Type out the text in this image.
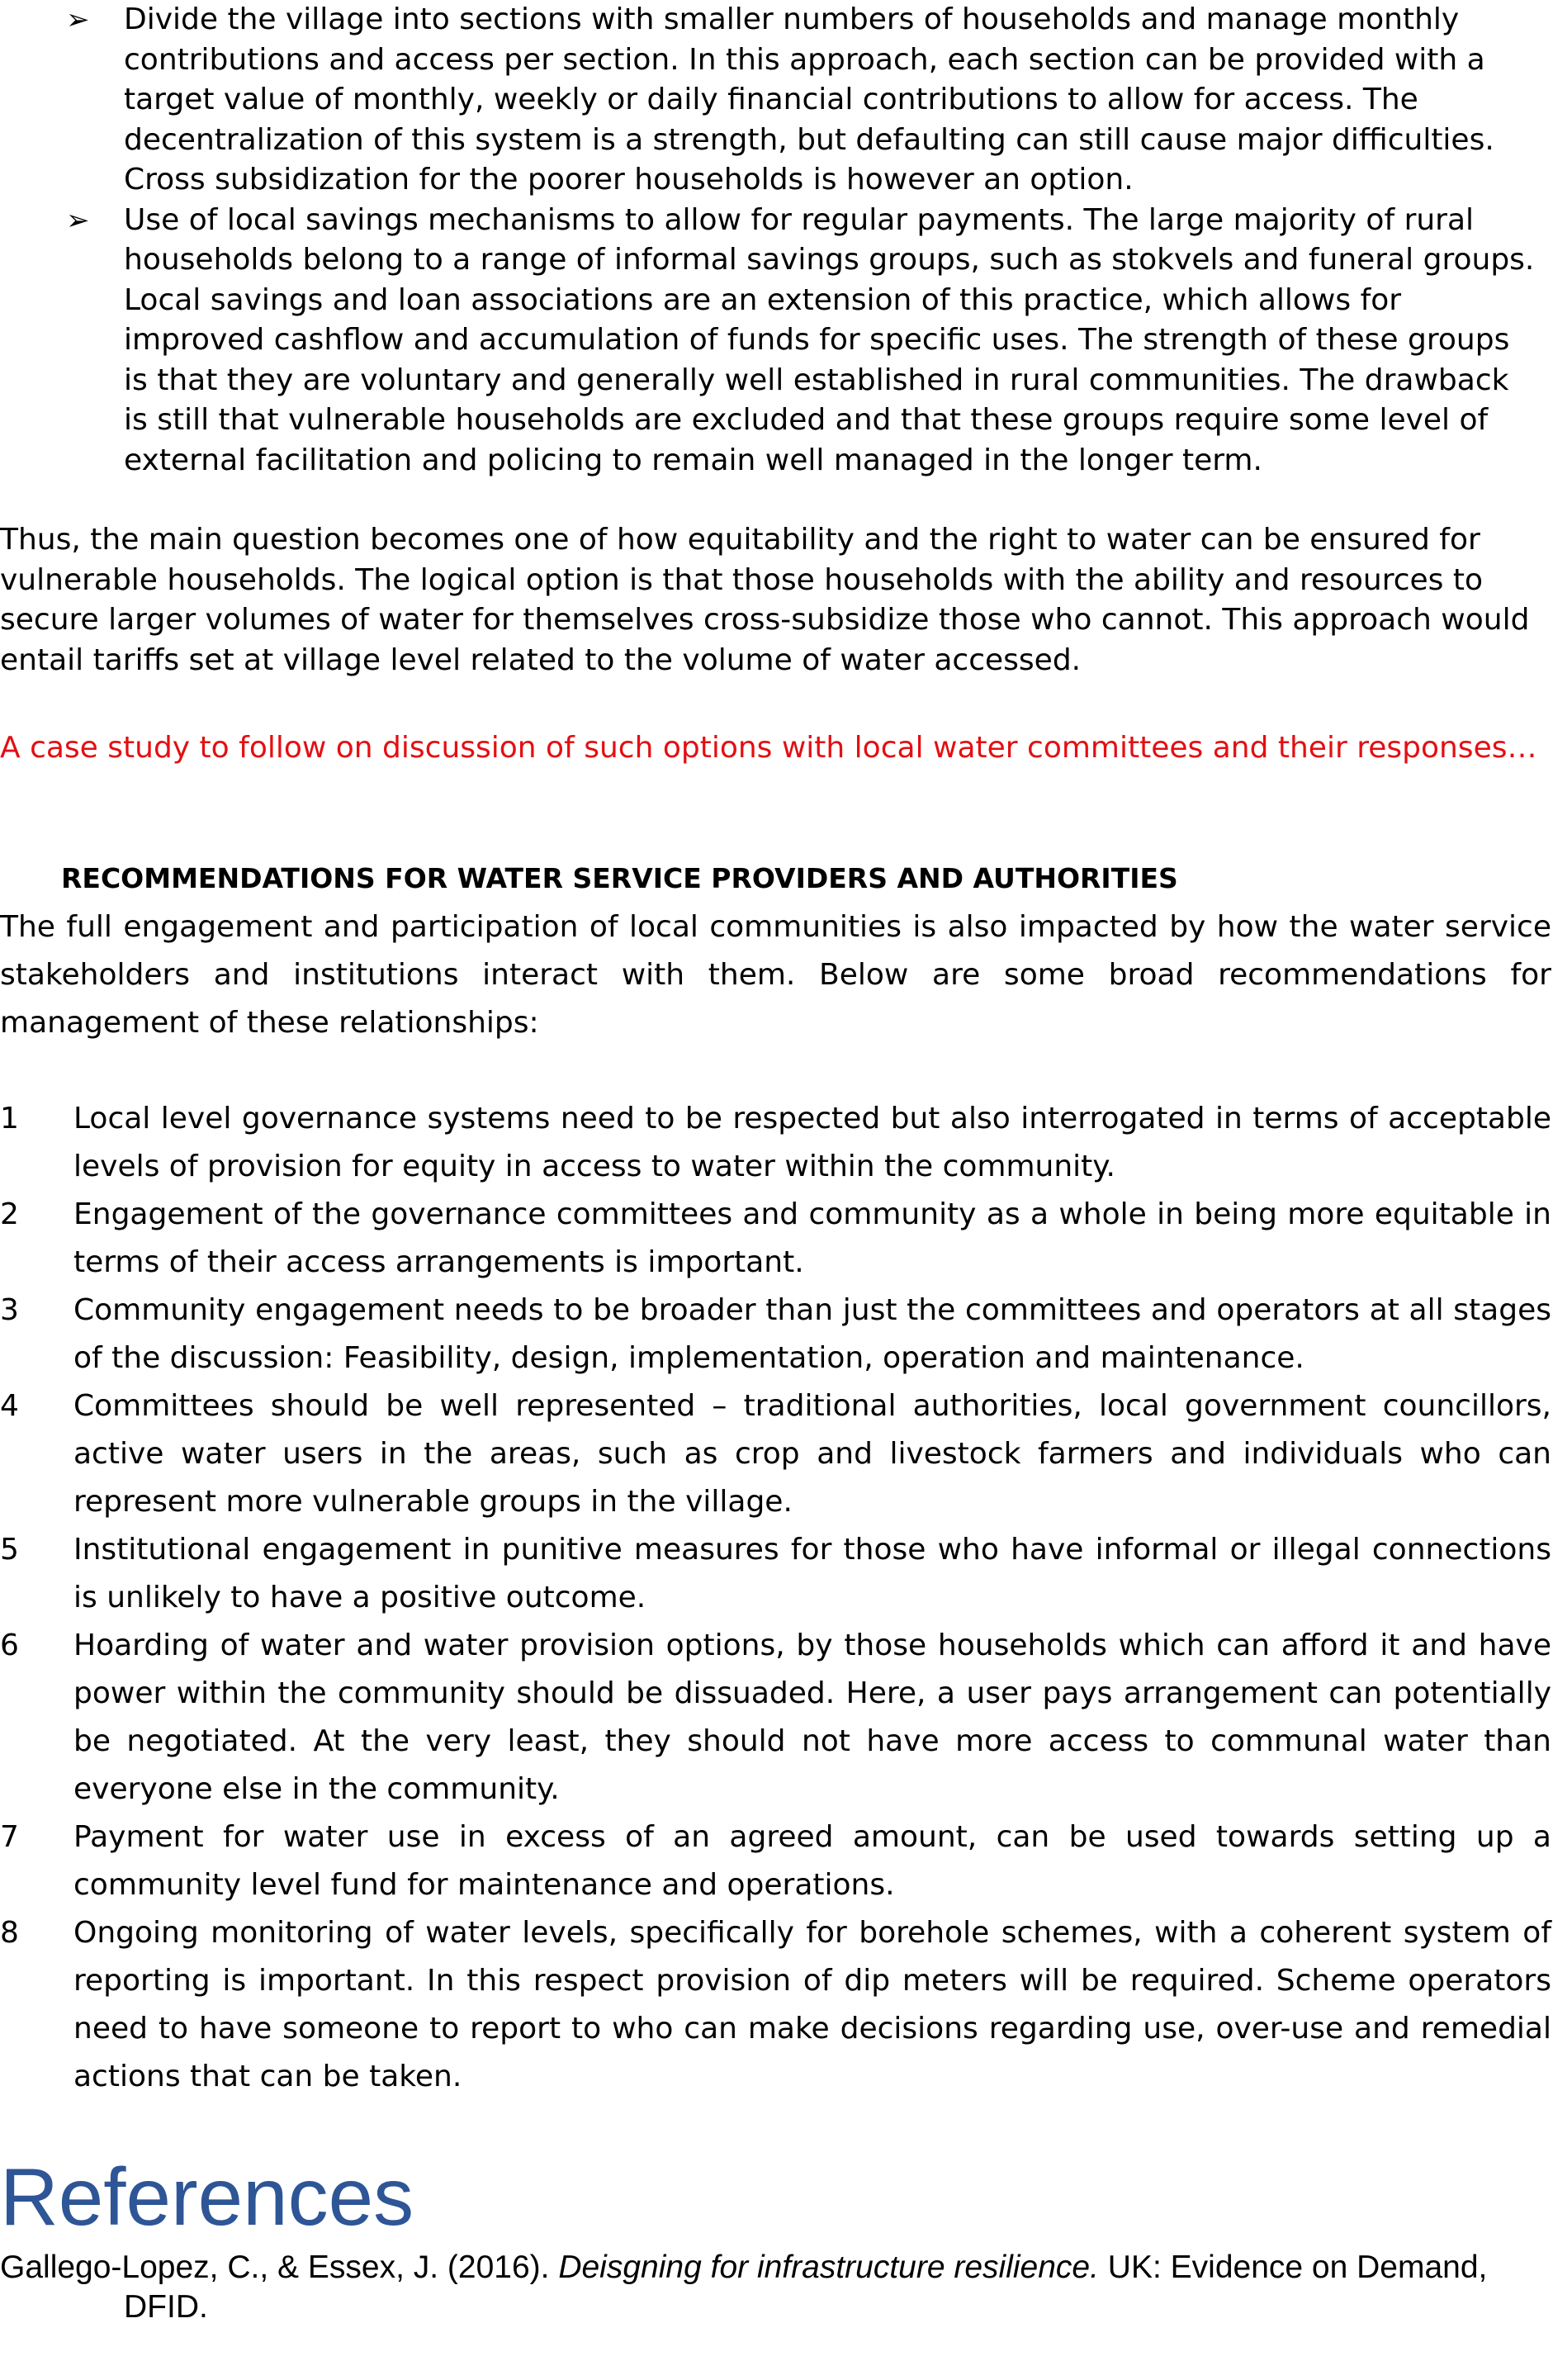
➢ Divide the village into sections with smaller numbers of households and manage monthly contributions and access per section. In this approach, each section can be provided with a target value of monthly, weekly or daily financial contributions to allow for access. The decentralization of this system is a strength, but defaulting can still cause major difficulties. Cross subsidization for the poorer households is however an option.
➢ Use of local savings mechanisms to allow for regular payments. The large majority of rural households belong to a range of informal savings groups, such as stokvels and funeral groups. Local savings and loan associations are an extension of this practice, which allows for improved cashflow and accumulation of funds for specific uses. The strength of these groups is that they are voluntary and generally well established in rural communities. The drawback is still that vulnerable households are excluded and that these groups require some level of external facilitation and policing to remain well managed in the longer term.
Thus, the main question becomes one of how equitability and the right to water can be ensured for vulnerable households. The logical option is that those households with the ability and resources to secure larger volumes of water for themselves cross-subsidize those who cannot. This approach would entail tariffs set at village level related to the volume of water accessed.
A case study to follow on discussion of such options with local water committees and their responses…
RECOMMENDATIONS FOR WATER SERVICE PROVIDERS AND AUTHORITIES
The full engagement and participation of local communities is also impacted by how the water service stakeholders and institutions interact with them. Below are some broad recommendations for management of these relationships:
1 Local level governance systems need to be respected but also interrogated in terms of acceptable levels of provision for equity in access to water within the community.
2 Engagement of the governance committees and community as a whole in being more equitable in terms of their access arrangements is important.
3 Community engagement needs to be broader than just the committees and operators at all stages of the discussion: Feasibility, design, implementation, operation and maintenance.
4 Committees should be well represented – traditional authorities, local government councillors, active water users in the areas, such as crop and livestock farmers and individuals who can represent more vulnerable groups in the village.
5 Institutional engagement in punitive measures for those who have informal or illegal connections is unlikely to have a positive outcome.
6 Hoarding of water and water provision options, by those households which can afford it and have power within the community should be dissuaded. Here, a user pays arrangement can potentially be negotiated. At the very least, they should not have more access to communal water than everyone else in the community.
7 Payment for water use in excess of an agreed amount, can be used towards setting up a community level fund for maintenance and operations.
8 Ongoing monitoring of water levels, specifically for borehole schemes, with a coherent system of reporting is important. In this respect provision of dip meters will be required. Scheme operators need to have someone to report to who can make decisions regarding use, over-use and remedial actions that can be taken.
References
Gallego-Lopez, C., & Essex, J. (2016). Deisgning for infrastructure resilience. UK: Evidence on Demand, DFID.
